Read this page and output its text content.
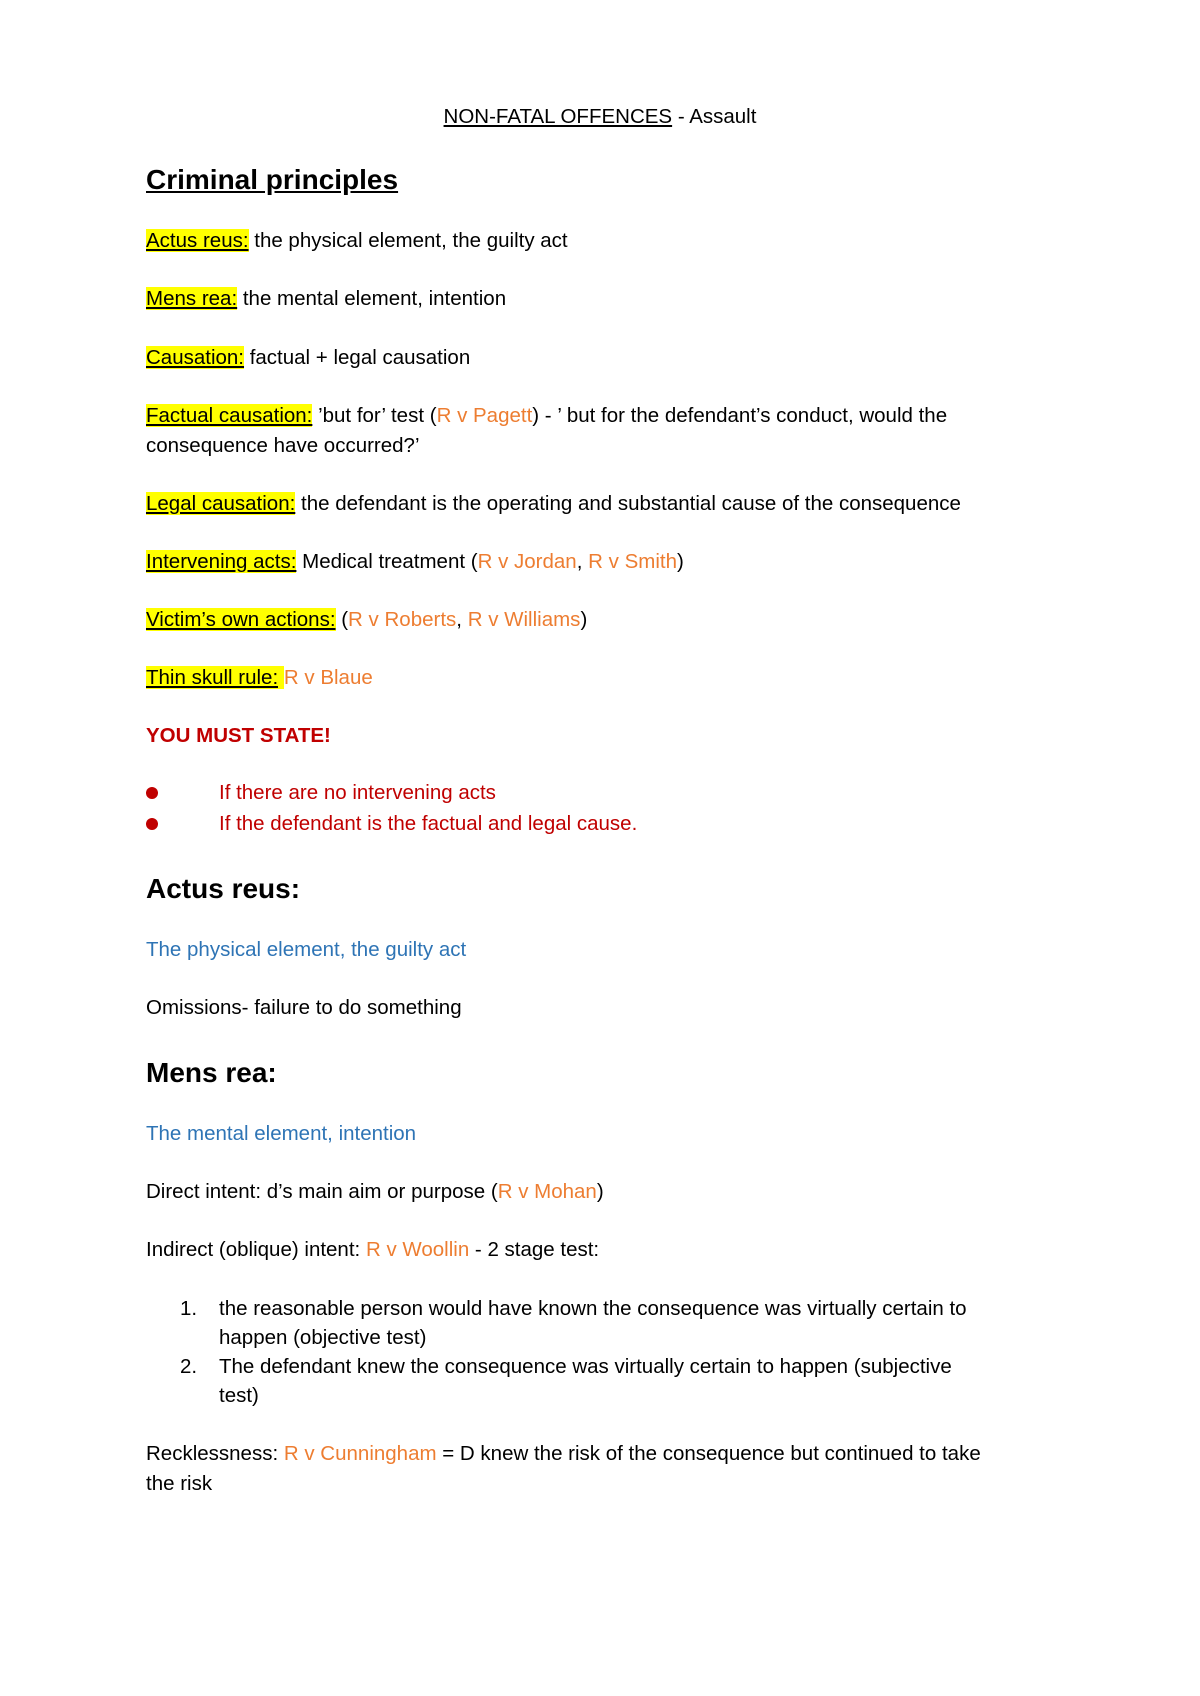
NON-FATAL OFFENCES - Assault
Criminal principles
Actus reus: the physical element, the guilty act
Mens rea: the mental element, intention
Causation: factual + legal causation
Factual causation: ’but for’ test (R v Pagett) - ’ but for the defendant’s conduct, would the
consequence have occurred?’
Legal causation: the defendant is the operating and substantial cause of the consequence
Intervening acts: Medical treatment (R v Jordan, R v Smith)
Victim’s own actions: (R v Roberts, R v Williams)
Thin skull rule: R v Blaue
YOU MUST STATE!
If there are no intervening acts
If the defendant is the factual and legal cause.
Actus reus:
The physical element, the guilty act
Omissions- failure to do something
Mens rea:
The mental element, intention
Direct intent: d’s main aim or purpose (R v Mohan)
Indirect (oblique) intent: R v Woollin - 2 stage test:
1. the reasonable person would have known the consequence was virtually certain to
happen (objective test)
2. The defendant knew the consequence was virtually certain to happen (subjective
test)
Recklessness: R v Cunningham = D knew the risk of the consequence but continued to take
the risk
